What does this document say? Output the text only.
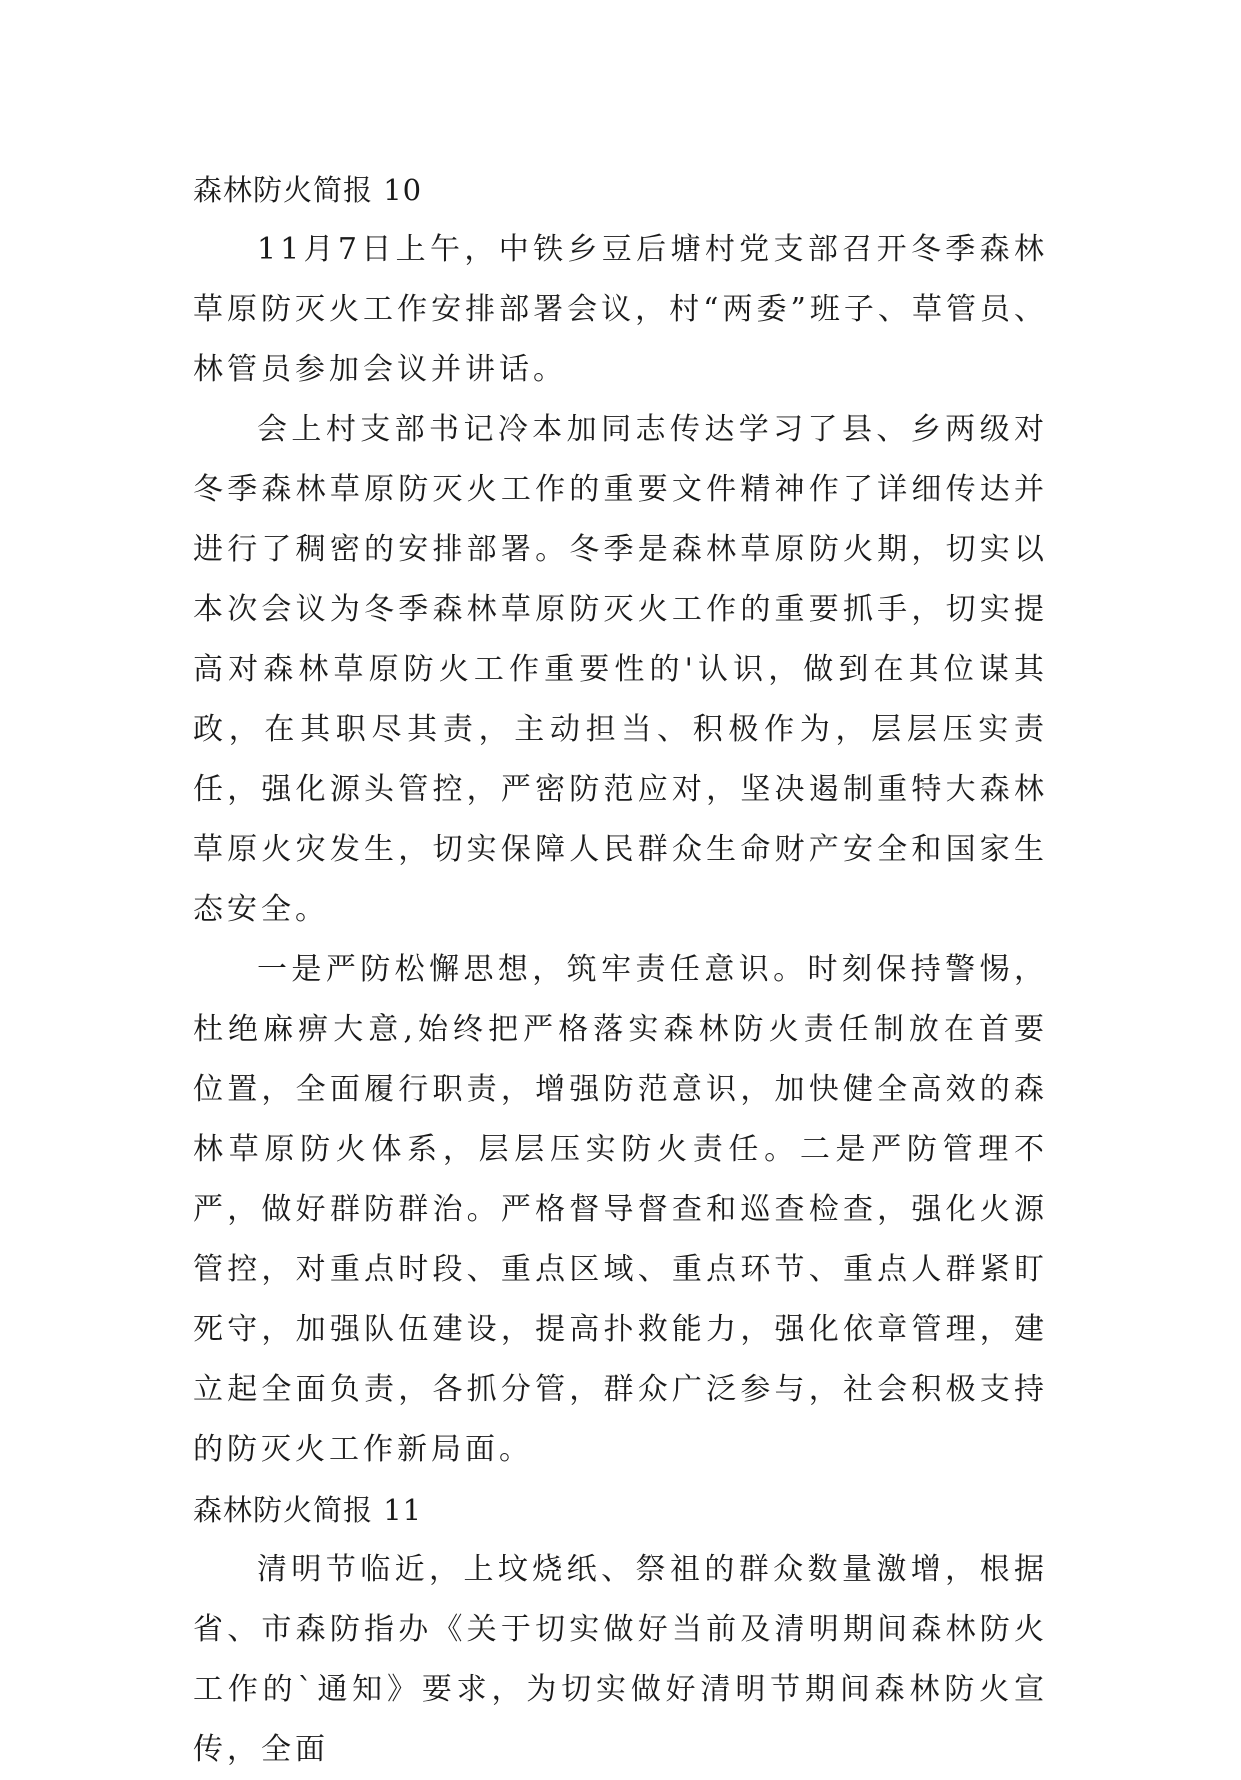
森林防火简报 10

11月7日上午，中铁乡豆后塘村党支部召开冬季森林草原防灭火工作安排部署会议，村“两委”班子、草管员、林管员参加会议并讲话。

会上村支部书记冷本加同志传达学习了县、乡两级对冬季森林草原防灭火工作的重要文件精神作了详细传达并进行了稠密的安排部署。冬季是森林草原防火期，切实以本次会议为冬季森林草原防灭火工作的重要抓手，切实提高对森林草原防火工作重要性的'认识，做到在其位谋其政，在其职尽其责，主动担当、积极作为，层层压实责任，强化源头管控，严密防范应对，坚决遏制重特大森林草原火灾发生，切实保障人民群众生命财产安全和国家生态安全。

一是严防松懈思想，筑牢责任意识。时刻保持警惕，杜绝麻痹大意,始终把严格落实森林防火责任制放在首要位置，全面履行职责，增强防范意识，加快健全高效的森林草原防火体系，层层压实防火责任。二是严防管理不严，做好群防群治。严格督导督查和巡查检查，强化火源管控，对重点时段、重点区域、重点环节、重点人群紧盯死守，加强队伍建设，提高扑救能力，强化依章管理，建立起全面负责，各抓分管，群众广泛参与，社会积极支持的防灭火工作新局面。

森林防火简报 11

清明节临近，上坟烧纸、祭祖的群众数量激增，根据省、市森防指办《关于切实做好当前及清明期间森林防火工作的`通知》要求，为切实做好清明节期间森林防火宣传，全面
